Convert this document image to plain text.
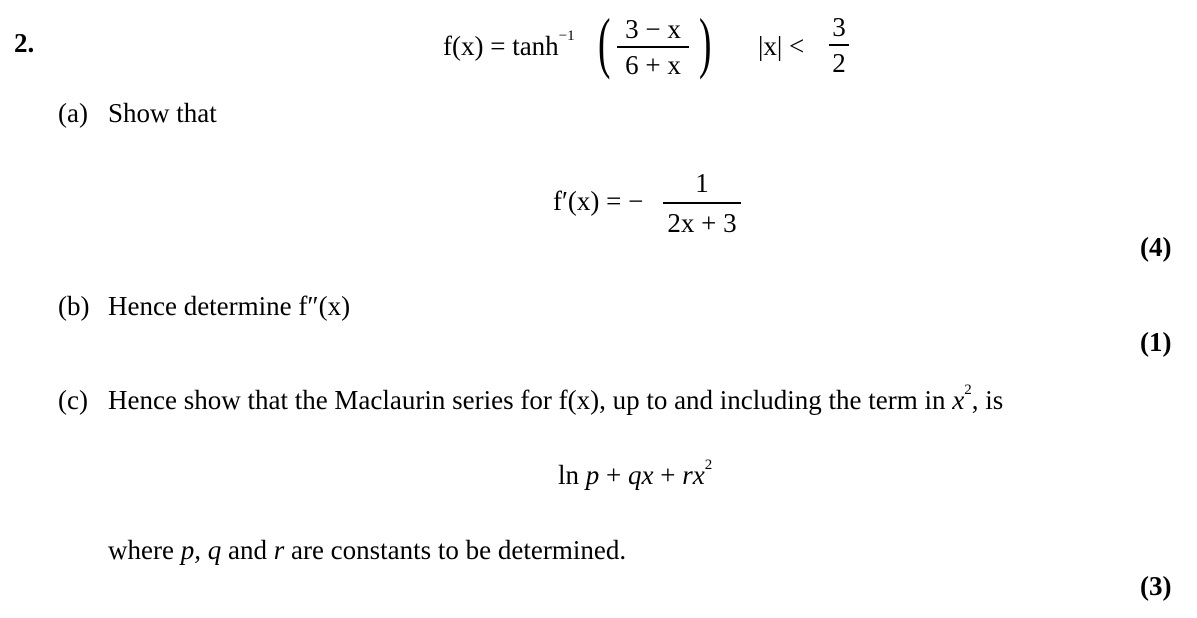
2.	$f(x) = \tanh^{-1}$ ( 3 − x
6 + x ) |x| <
3
2
(a) Show that
f′(x) = −
1
2x + 3
(4)
(b) Hence determine f″(x)
(1)
(c) Hence show that the Maclaurin series for f(x), up to and including the term in $x^2$, is
ln p + qx + $rx^2$
where p, q and r are constants to be determined.
(3)
